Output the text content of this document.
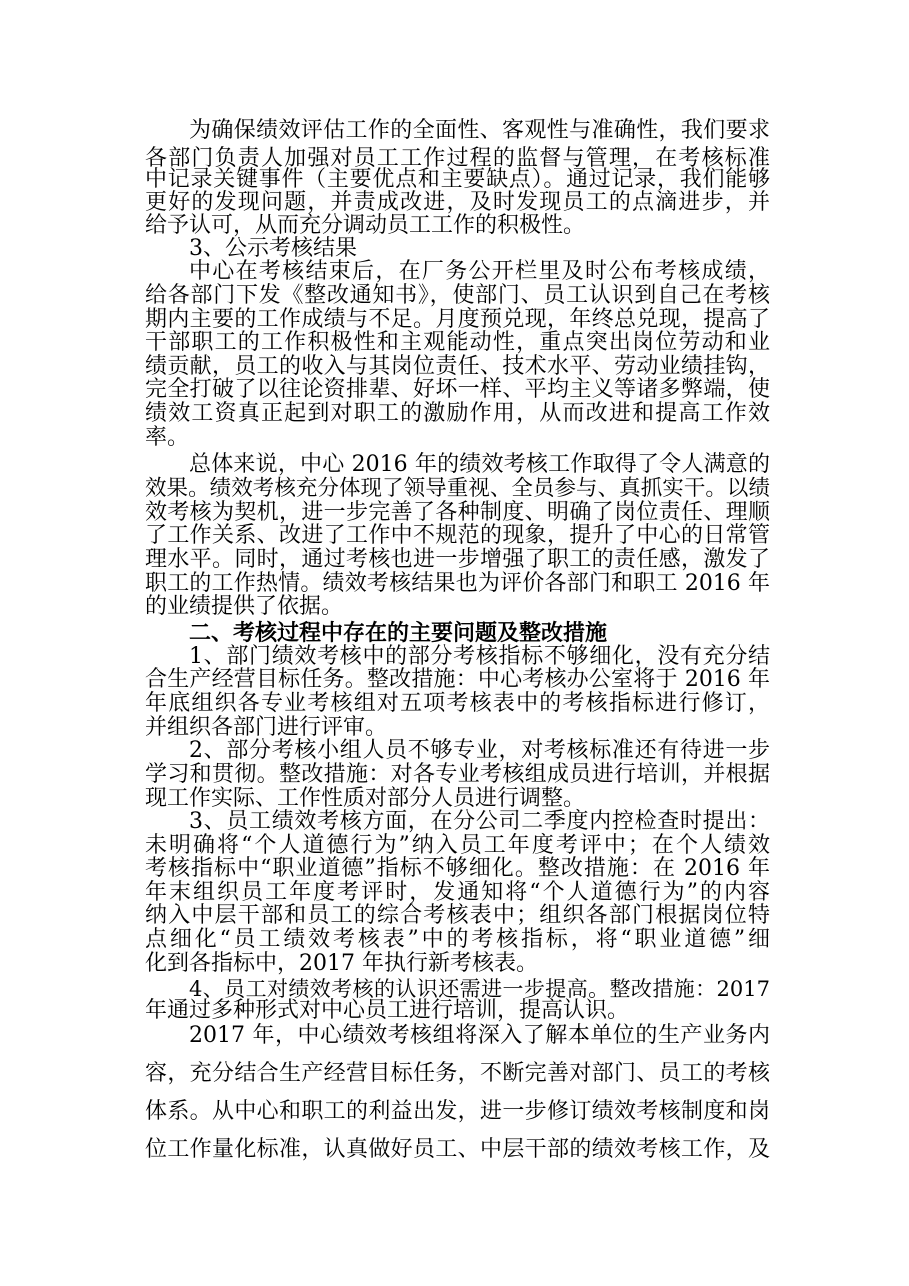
为确保绩效评估工作的全面性、客观性与准确性，我们要求
各部门负责人加强对员工工作过程的监督与管理，在考核标准
中记录关键事件（主要优点和主要缺点）。通过记录，我们能够
更好的发现问题，并责成改进，及时发现员工的点滴进步，并
给予认可，从而充分调动员工工作的积极性。
3、公示考核结果
中心在考核结束后，在厂务公开栏里及时公布考核成绩，
给各部门下发《整改通知书》，使部门、员工认识到自己在考核
期内主要的工作成绩与不足。月度预兑现，年终总兑现，提高了
干部职工的工作积极性和主观能动性，重点突出岗位劳动和业
绩贡献，员工的收入与其岗位责任、技术水平、劳动业绩挂钩，
完全打破了以往论资排辈、好坏一样、平均主义等诸多弊端，使
绩效工资真正起到对职工的激励作用，从而改进和提高工作效
率。
总体来说，中心 2016 年的绩效考核工作取得了令人满意的
效果。绩效考核充分体现了领导重视、全员参与、真抓实干。以绩
效考核为契机，进一步完善了各种制度、明确了岗位责任、理顺
了工作关系、改进了工作中不规范的现象，提升了中心的日常管
理水平。同时，通过考核也进一步增强了职工的责任感，激发了
职工的工作热情。绩效考核结果也为评价各部门和职工 2016 年
的业绩提供了依据。
二、考核过程中存在的主要问题及整改措施
1、部门绩效考核中的部分考核指标不够细化，没有充分结
合生产经营目标任务。整改措施：中心考核办公室将于 2016 年
年底组织各专业考核组对五项考核表中的考核指标进行修订，
并组织各部门进行评审。
2、部分考核小组人员不够专业，对考核标准还有待进一步
学习和贯彻。整改措施：对各专业考核组成员进行培训，并根据
现工作实际、工作性质对部分人员进行调整。
3、员工绩效考核方面，在分公司二季度内控检查时提出：
未明确将“个人道德行为”纳入员工年度考评中；在个人绩效
考核指标中“职业道德”指标不够细化。整改措施：在 2016 年
年末组织员工年度考评时，发通知将“个人道德行为”的内容
纳入中层干部和员工的综合考核表中；组织各部门根据岗位特
点细化“员工绩效考核表”中的考核指标，将“职业道德”细
化到各指标中，2017 年执行新考核表。
4、员工对绩效考核的认识还需进一步提高。整改措施：2017
年通过多种形式对中心员工进行培训，提高认识。
2017 年，中心绩效考核组将深入了解本单位的生产业务内
容，充分结合生产经营目标任务，不断完善对部门、员工的考核
体系。从中心和职工的利益出发，进一步修订绩效考核制度和岗
位工作量化标准，认真做好员工、中层干部的绩效考核工作，及
